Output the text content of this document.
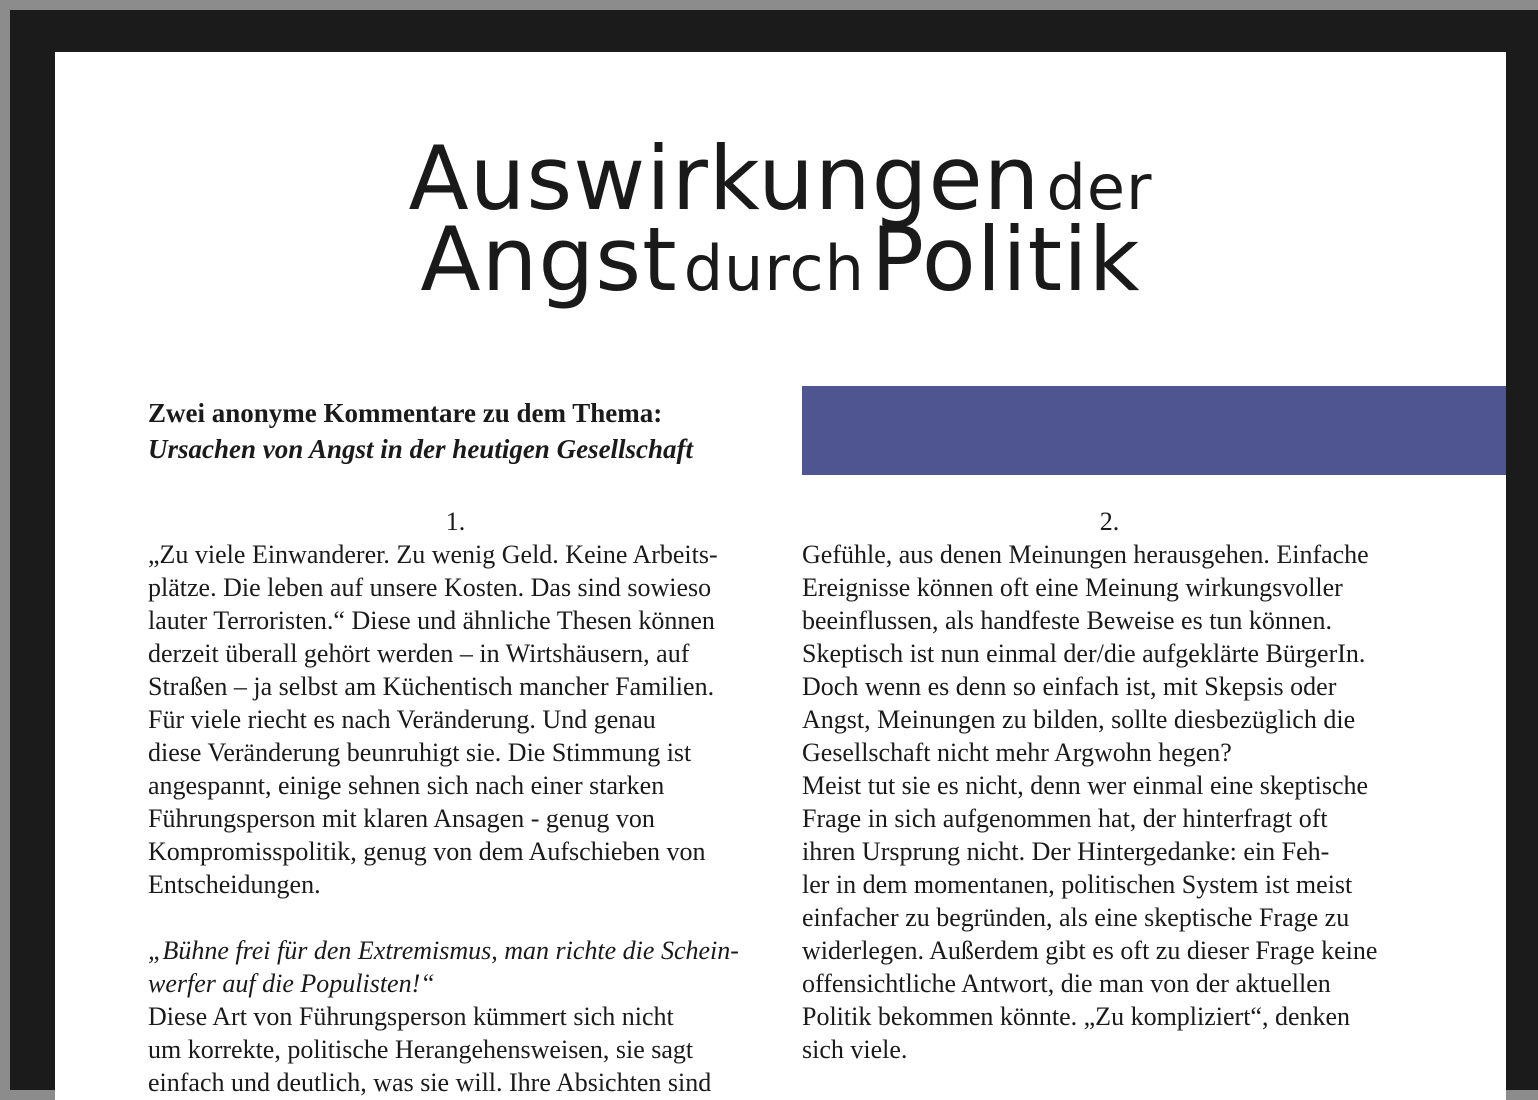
Auswirkungen der
Angst durch Politik
Zwei anonyme Kommentare zu dem Thema:
Ursachen von Angst in der heutigen Gesellschaft
1.
„Zu viele Einwanderer. Zu wenig Geld. Keine Arbeits-
plätze. Die leben auf unsere Kosten. Das sind sowieso
lauter Terroristen.“ Diese und ähnliche Thesen können
derzeit überall gehört werden – in Wirtshäusern, auf
Straßen – ja selbst am Küchentisch mancher Familien.
Für viele riecht es nach Veränderung. Und genau
diese Veränderung beunruhigt sie. Die Stimmung ist
angespannt, einige sehnen sich nach einer starken
Führungsperson mit klaren Ansagen - genug von
Kompromisspolitik, genug von dem Aufschieben von
Entscheidungen.
„Bühne frei für den Extremismus, man richte die Schein-
werfer auf die Populisten!“
Diese Art von Führungsperson kümmert sich nicht
um korrekte, politische Herangehensweisen, sie sagt
einfach und deutlich, was sie will. Ihre Absichten sind
2.
Gefühle, aus denen Meinungen herausgehen. Einfache
Ereignisse können oft eine Meinung wirkungsvoller
beeinflussen, als handfeste Beweise es tun können.
Skeptisch ist nun einmal der/die aufgeklärte BürgerIn.
Doch wenn es denn so einfach ist, mit Skepsis oder
Angst, Meinungen zu bilden, sollte diesbezüglich die
Gesellschaft nicht mehr Argwohn hegen?
Meist tut sie es nicht, denn wer einmal eine skeptische
Frage in sich aufgenommen hat, der hinterfragt oft
ihren Ursprung nicht. Der Hintergedanke: ein Feh-
ler in dem momentanen, politischen System ist meist
einfacher zu begründen, als eine skeptische Frage zu
widerlegen. Außerdem gibt es oft zu dieser Frage keine
offensichtliche Antwort, die man von der aktuellen
Politik bekommen könnte. „Zu kompliziert“, denken
sich viele.
